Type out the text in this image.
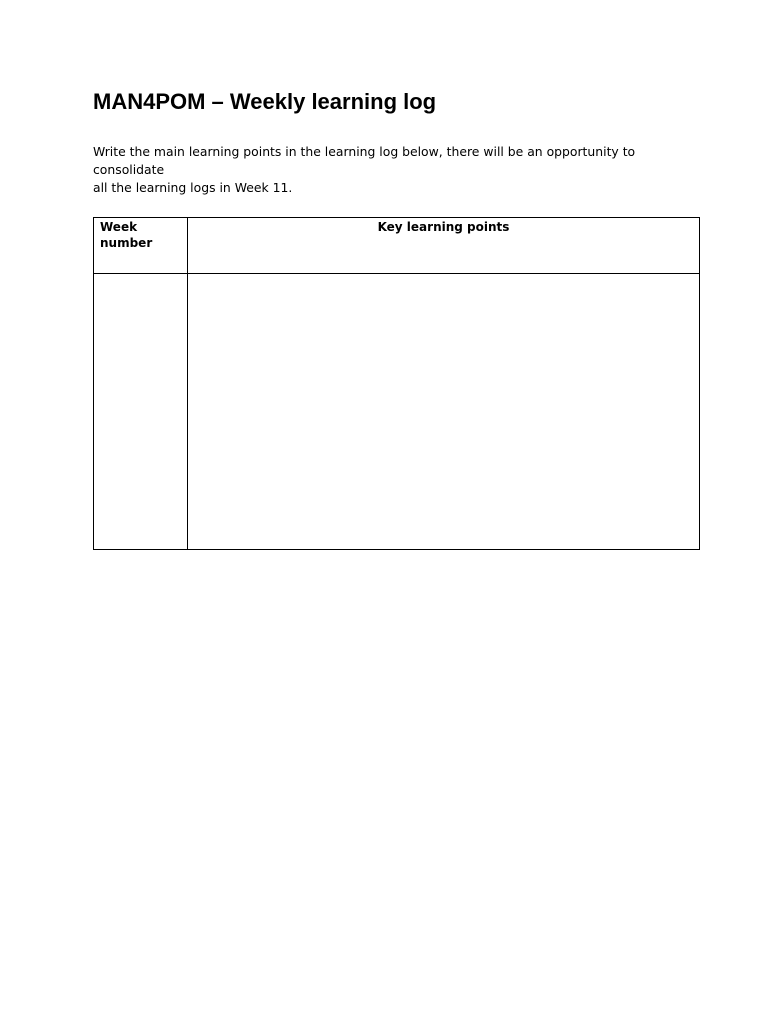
MAN4POM – Weekly learning log

Write the main learning points in the learning log below, there will be an opportunity to consolidate
all the learning logs in Week 11.

Week
number	Key learning points
